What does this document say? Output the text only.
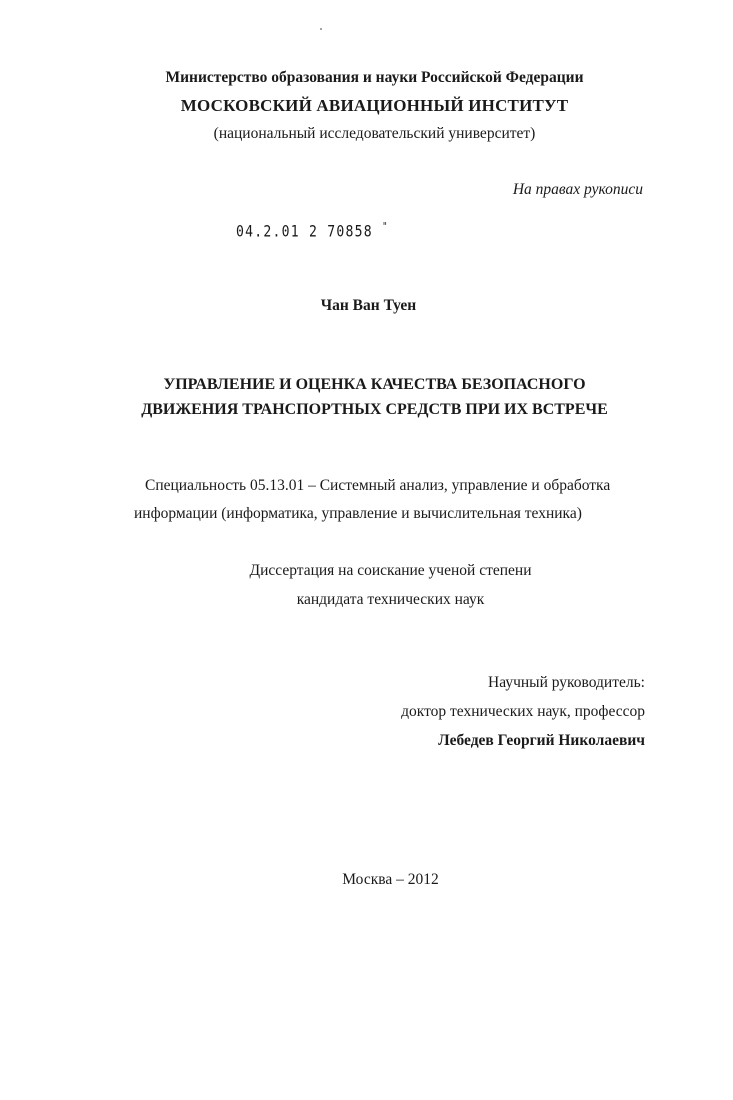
Министерство образования и науки Российской Федерации
МОСКОВСКИЙ АВИАЦИОННЫЙ ИНСТИТУТ
(национальный исследовательский университет)
На правах рукописи
04.2.01 2 70858 "
Чан Ван Туен
УПРАВЛЕНИЕ И ОЦЕНКА КАЧЕСТВА БЕЗОПАСНОГО
ДВИЖЕНИЯ ТРАНСПОРТНЫХ СРЕДСТВ ПРИ ИХ ВСТРЕЧЕ
Специальность 05.13.01 – Системный анализ, управление и обработка
информации (информатика, управление и вычислительная техника)
Диссертация на соискание ученой степени
кандидата технических наук
Научный руководитель:
доктор технических наук, профессор
Лебедев Георгий Николаевич
Москва – 2012
